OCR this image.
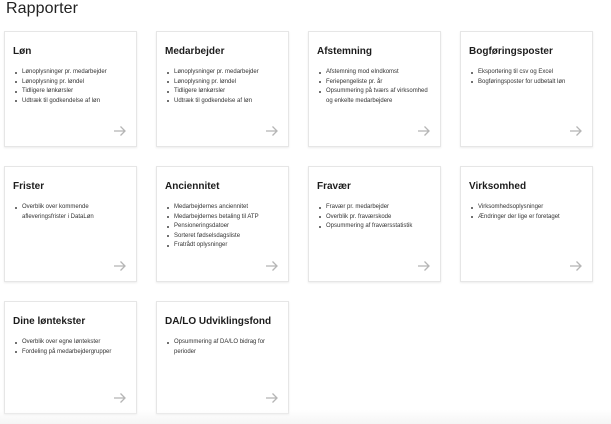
Rapporter
Løn
Lønoplysninger pr. medarbejder
Lønoplysning pr. løndel
Tidligere lønkørsler
Udtræk til godkendelse af løn
Medarbejder
Lønoplysninger pr. medarbejder
Lønoplysning pr. løndel
Tidligere lønkørsler
Udtræk til godkendelse af løn
Afstemning
Afstemning mod eIndkomst
Feriepengeliste pr. år
Opsummering på tværs af virksomhed og enkelte medarbejdere
Bogføringsposter
Eksportering til csv og Excel
Bogføringsposter for udbetalt løn
Frister
Overblik over kommende afleveringsfrister i DataLøn
Anciennitet
Medarbejdernes anciennitet
Medarbejdernes betaling til ATP
Pensioneringsdatoer
Sorteret fødselsdagsliste
Fratrådt oplysninger
Fravær
Fravær pr. medarbejder
Overblik pr. fraværskode
Opsummering af fraværsstatistik
Virksomhed
Virksomhedsoplysninger
Ændringer der lige er foretaget
Dine løntekster
Overblik over egne løntekster
Fordeling på medarbejdergrupper
DA/LO Udviklingsfond
Opsummering af DA/LO bidrag for perioder
